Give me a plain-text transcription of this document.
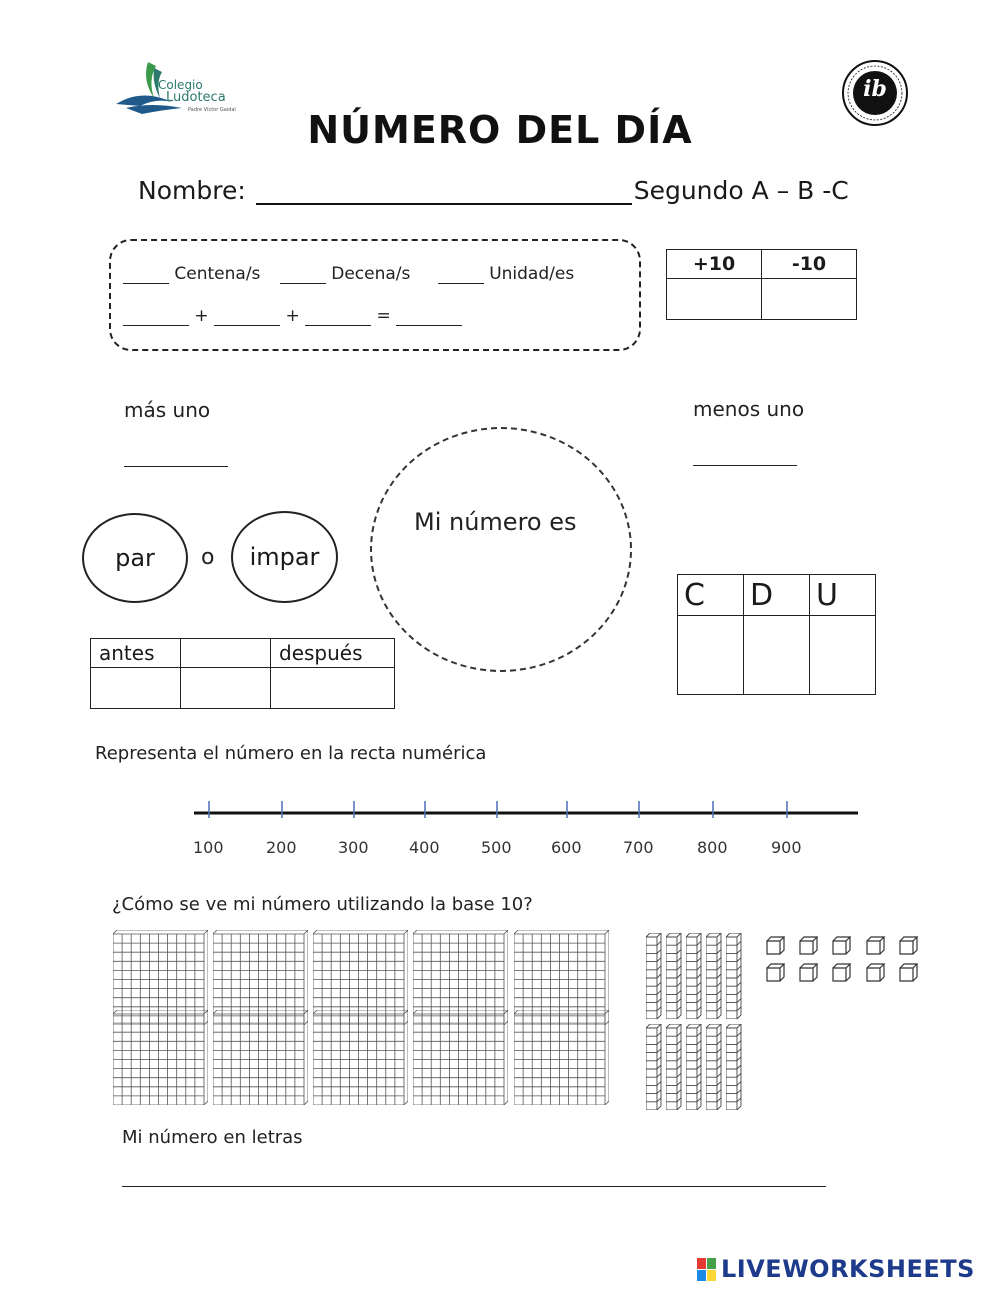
Colegio
Ludoteca
Padre Víctor Gaidal
ib
NÚMERO DEL DÍA
Nombre:	Segundo A – B -C
Centena/s	Decena/s	Unidad/es
+	+	=
+10	-10

más uno	menos uno
par	o	impar
Mi número es
C	D	U

antes		después

Representa el número en la recta numérica
100	200	300	400	500 600	700	800	900
¿Cómo se ve mi número utilizando la base 10?
Mi número en letras
LIVEWORKSHEETS
